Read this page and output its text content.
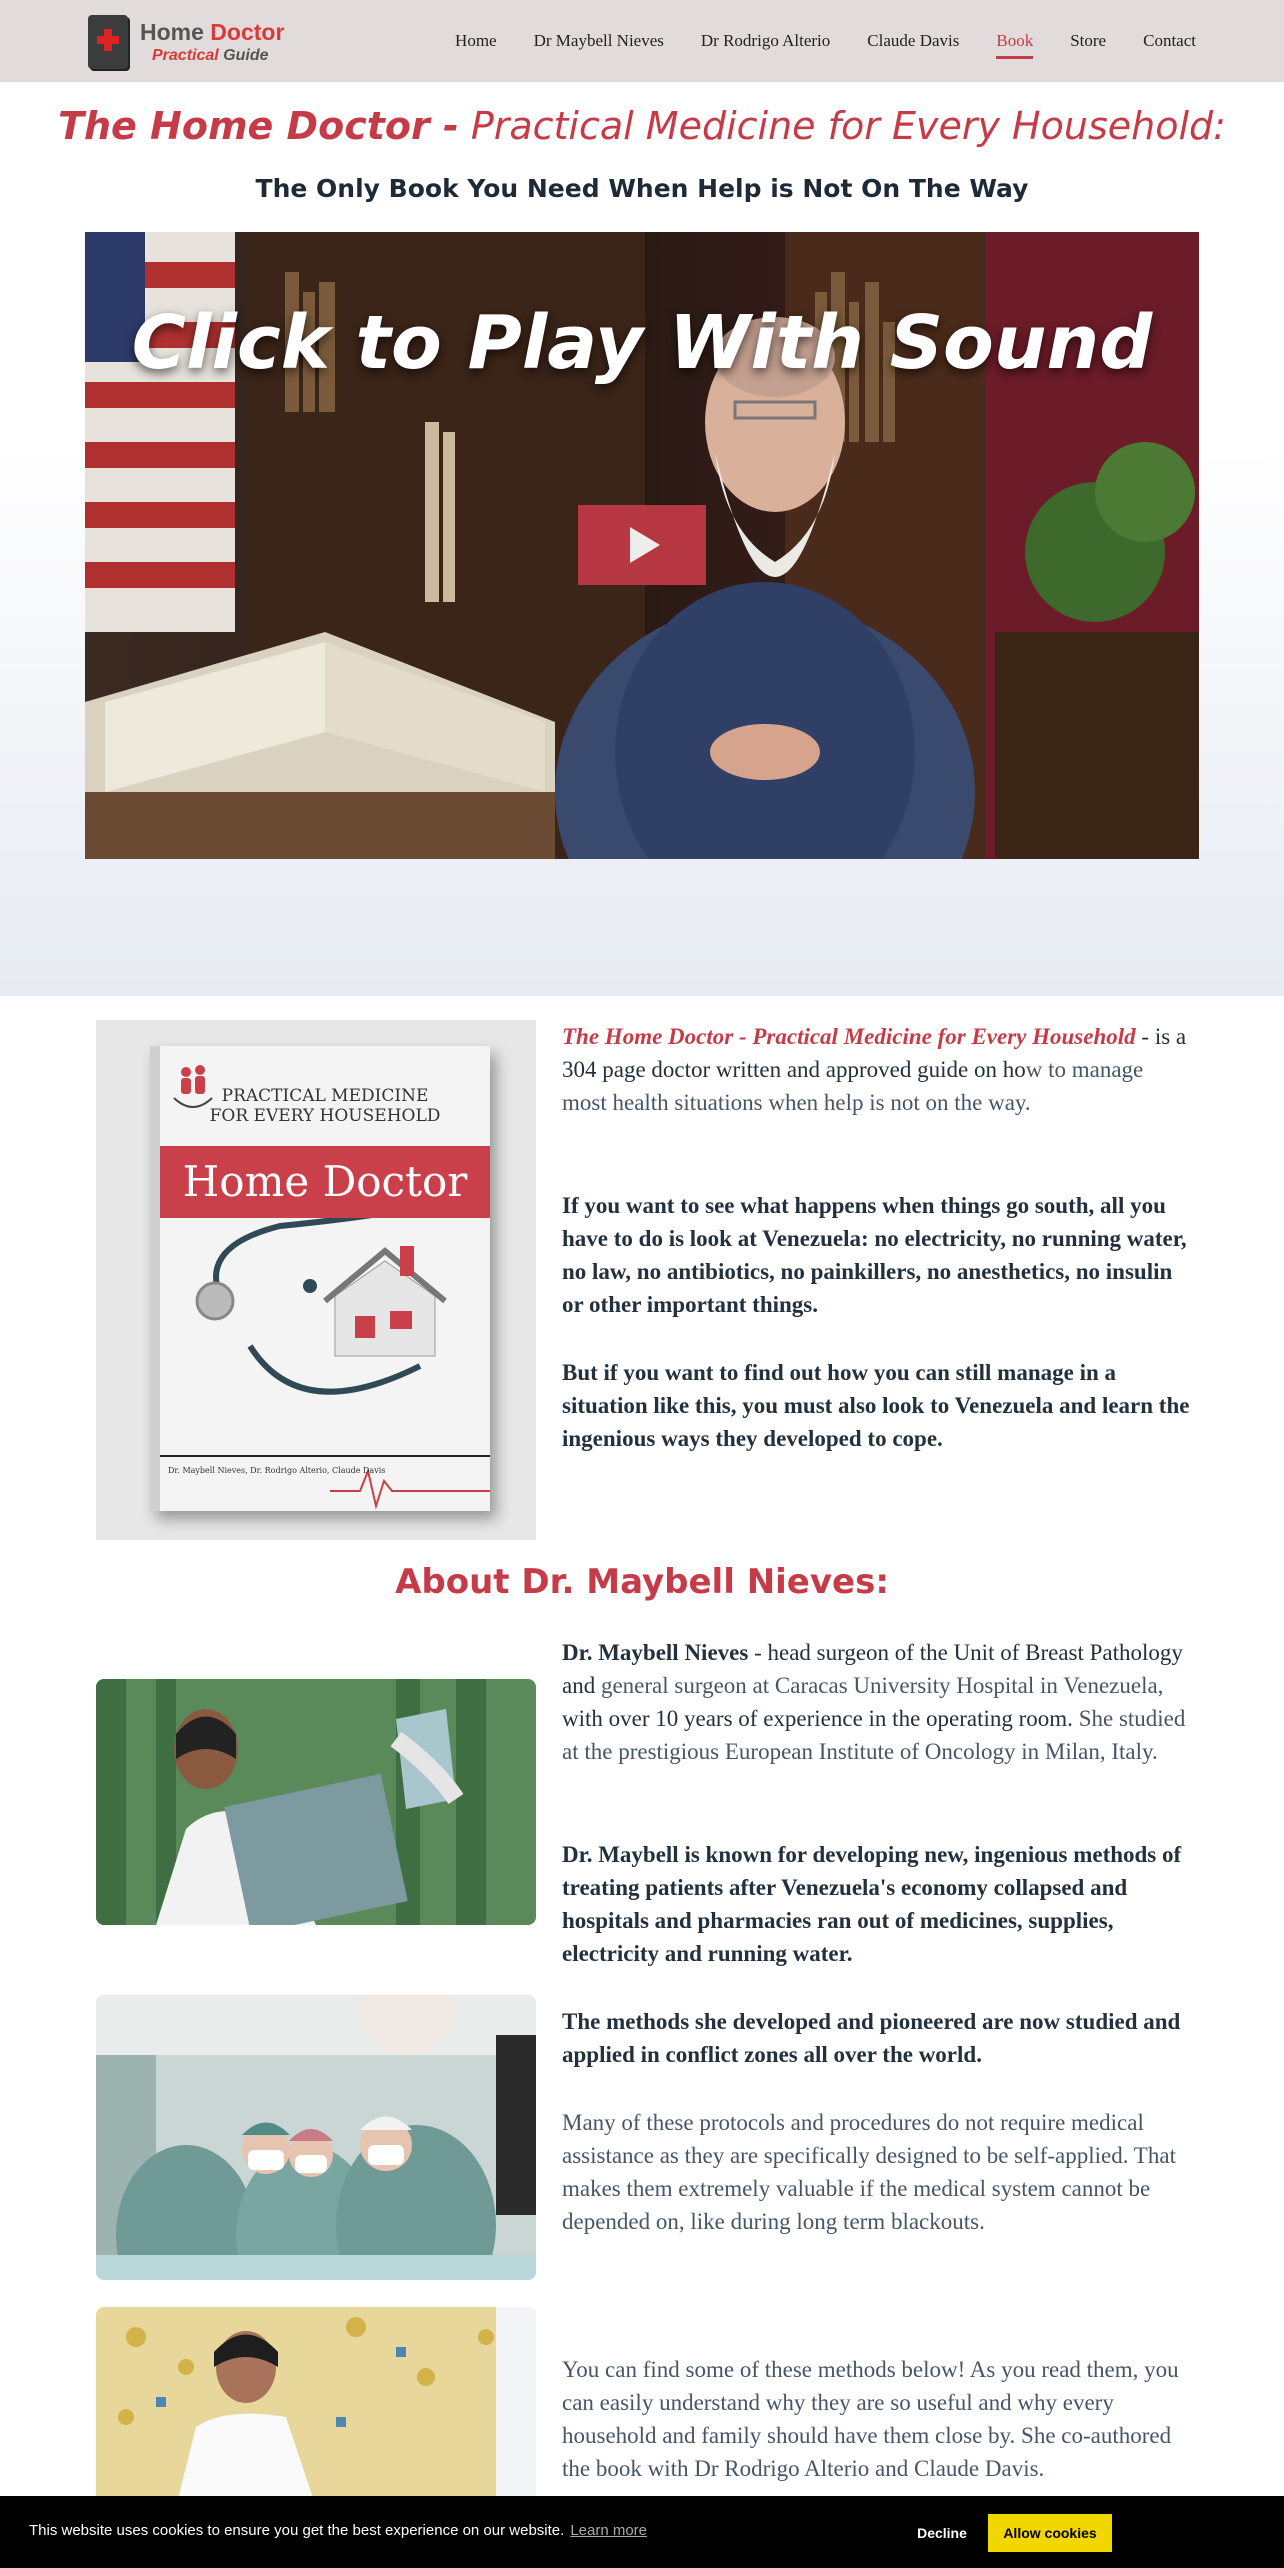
Home Doctor
Practical Guide
Home Dr Maybell Nieves Dr Rodrigo Alterio Claude Davis Book Store Contact
The Home Doctor - Practical Medicine for Every Household:
The Only Book You Need When Help is Not On The Way
Click to Play With Sound
PRACTICAL MEDICINE
FOR EVERY HOUSEHOLD
Home Doctor
Dr. Maybell Nieves, Dr. Rodrigo Alterio, Claude Davis
The Home Doctor - Practical Medicine for Every Household - is a 304 page doctor written and approved guide on how to manage most health situations when help is not on the way.
If you want to see what happens when things go south, all you have to do is look at Venezuela: no electricity, no running water, no law, no antibiotics, no painkillers, no anesthetics, no insulin or other important things.
But if you want to find out how you can still manage in a situation like this, you must also look to Venezuela and learn the ingenious ways they developed to cope.
About Dr. Maybell Nieves:
Dr. Maybell Nieves - head surgeon of the Unit of Breast Pathology and general surgeon at Caracas University Hospital in Venezuela, with over 10 years of experience in the operating room. She studied at the prestigious European Institute of Oncology in Milan, Italy.
Dr. Maybell is known for developing new, ingenious methods of treating patients after Venezuela's economy collapsed and hospitals and pharmacies ran out of medicines, supplies, electricity and running water.
The methods she developed and pioneered are now studied and applied in conflict zones all over the world.
Many of these protocols and procedures do not require medical assistance as they are specifically designed to be self-applied. That makes them extremely valuable if the medical system cannot be depended on, like during long term blackouts.
You can find some of these methods below! As you read them, you can easily understand why they are so useful and why every household and family should have them close by. She co-authored the book with Dr Rodrigo Alterio and Claude Davis.
This website uses cookies to ensure you get the best experience on our website. Learn more	Decline	Allow cookies
